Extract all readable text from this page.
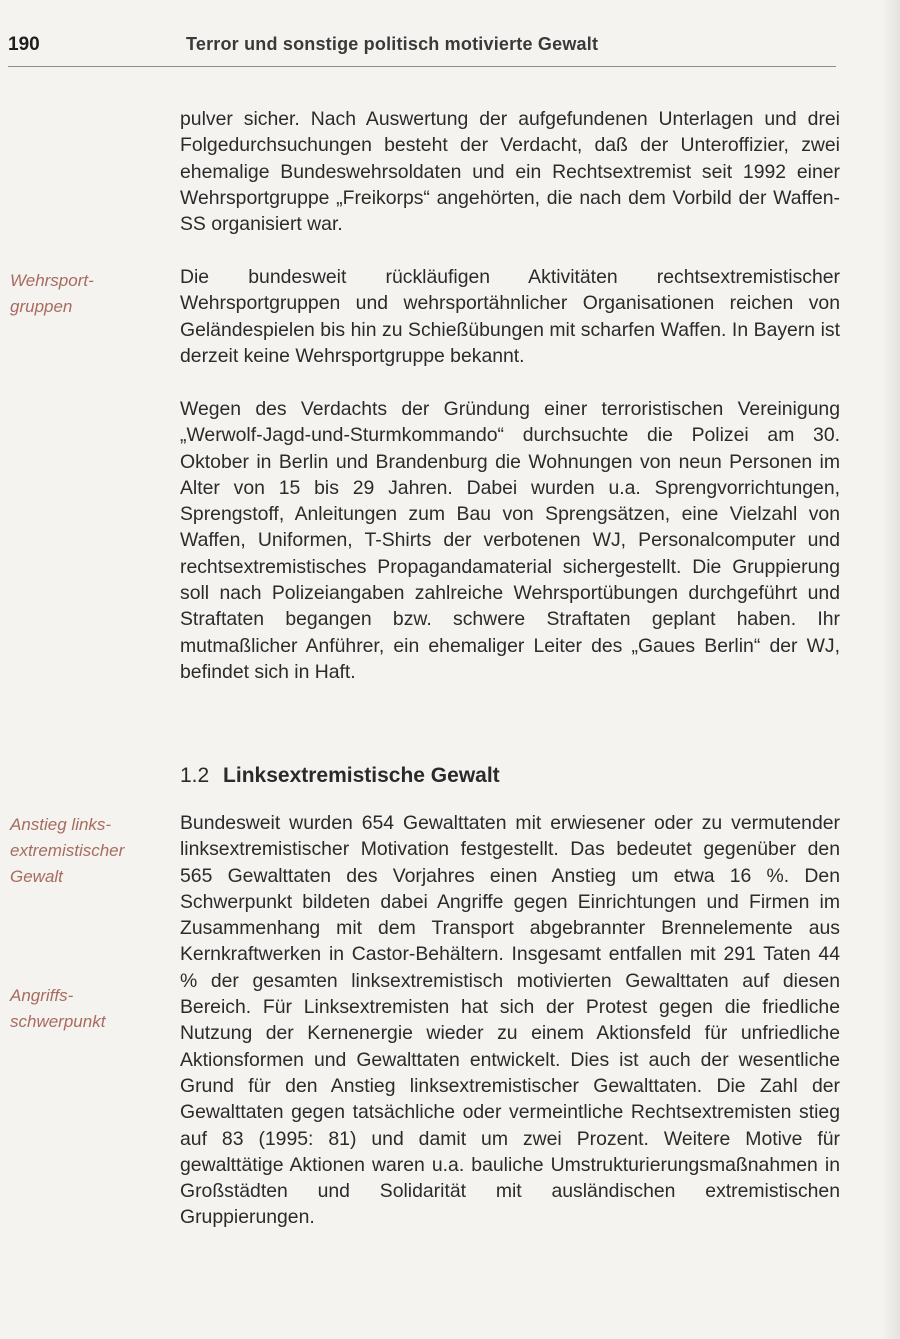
190	Terror und sonstige politisch motivierte Gewalt

pulver sicher. Nach Auswertung der aufgefundenen Unterlagen und drei Folgedurchsuchungen besteht der Verdacht, daß der Unteroffizier, zwei ehemalige Bundeswehrsoldaten und ein Rechtsextremist seit 1992 einer Wehrsportgruppe „Freikorps“ angehörten, die nach dem Vorbild der Waffen-SS organisiert war.

Wehrsport-
gruppen

Die bundesweit rückläufigen Aktivitäten rechtsextremistischer Wehrsportgruppen und wehrsportähnlicher Organisationen reichen von Geländespielen bis hin zu Schießübungen mit scharfen Waffen. In Bayern ist derzeit keine Wehrsportgruppe bekannt.

Wegen des Verdachts der Gründung einer terroristischen Vereinigung „Werwolf-Jagd-und-Sturmkommando“ durchsuchte die Polizei am 30. Oktober in Berlin und Brandenburg die Wohnungen von neun Personen im Alter von 15 bis 29 Jahren. Dabei wurden u.a. Sprengvorrichtungen, Sprengstoff, Anleitungen zum Bau von Sprengsätzen, eine Vielzahl von Waffen, Uniformen, T-Shirts der verbotenen WJ, Personalcomputer und rechtsextremistisches Propagandamaterial sichergestellt. Die Gruppierung soll nach Polizeiangaben zahlreiche Wehrsportübungen durchgeführt und Straftaten begangen bzw. schwere Straftaten geplant haben. Ihr mutmaßlicher Anführer, ein ehemaliger Leiter des „Gaues Berlin“ der WJ, befindet sich in Haft.

1.2 Linksextremistische Gewalt
Anstieg links-
extremistischer
Gewalt
Angriffs-
schwerpunkt

Bundesweit wurden 654 Gewalttaten mit erwiesener oder zu vermutender linksextremistischer Motivation festgestellt. Das bedeutet gegenüber den 565 Gewalttaten des Vorjahres einen Anstieg um etwa 16 %. Den Schwerpunkt bildeten dabei Angriffe gegen Einrichtungen und Firmen im Zusammenhang mit dem Transport abgebrannter Brennelemente aus Kernkraftwerken in Castor-Behältern. Insgesamt entfallen mit 291 Taten 44 % der gesamten linksextremistisch motivierten Gewalttaten auf diesen Bereich. Für Linksextremisten hat sich der Protest gegen die friedliche Nutzung der Kernenergie wieder zu einem Aktionsfeld für unfriedliche Aktionsformen und Gewalttaten entwickelt. Dies ist auch der wesentliche Grund für den Anstieg linksextremistischer Gewalttaten. Die Zahl der Gewalttaten gegen tatsächliche oder vermeintliche Rechtsextremisten stieg auf 83 (1995: 81) und damit um zwei Prozent. Weitere Motive für gewalttätige Aktionen waren u.a. bauliche Umstrukturierungsmaßnahmen in Großstädten und Solidarität mit ausländischen extremistischen Gruppierungen.
